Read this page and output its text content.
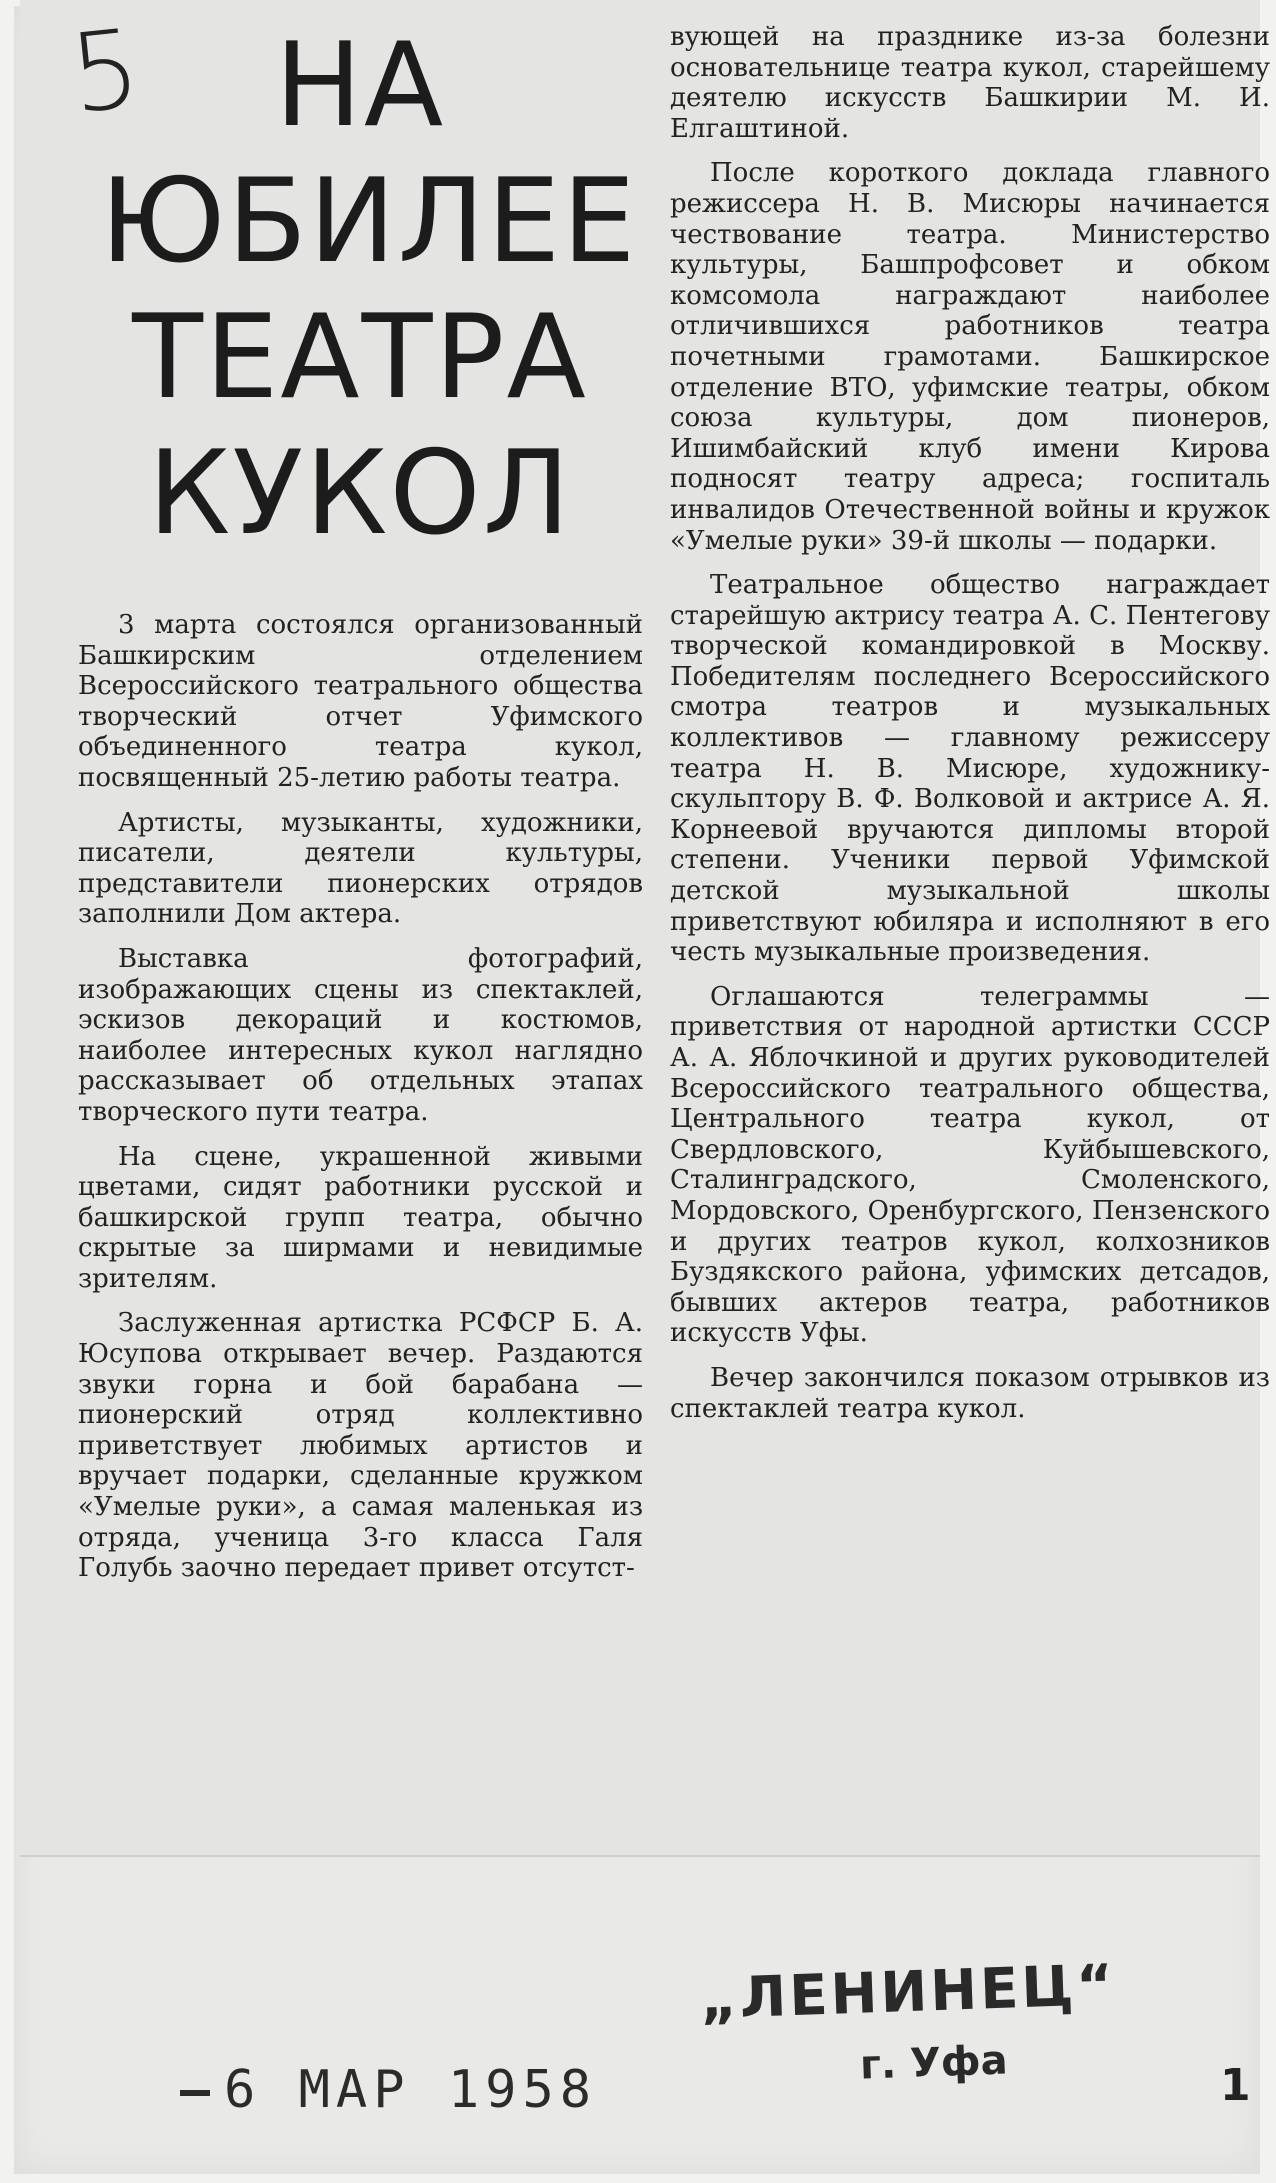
5	НА
ЮБИЛЕЕ
ТЕАТРА
КУКОЛ

3 марта состоялся организованный Башкирским отделением Всероссийского театрального общества творческий отчет Уфимского объединенного театра кукол, посвященный 25-летию работы театра.

Артисты, музыканты, художники, писатели, деятели культуры, представители пионерских отрядов заполнили Дом актера.

Выставка фотографий, изображающих сцены из спектаклей, эскизов декораций и костюмов, наиболее интересных кукол наглядно рассказывает об отдельных этапах творческого пути театра.

На сцене, украшенной живыми цветами, сидят работники русской и башкирской групп театра, обычно скрытые за ширмами и невидимые зрителям.

Заслуженная артистка РСФСР Б. А. Юсупова открывает вечер. Раздаются звуки горна и бой барабана — пионерский отряд коллективно приветствует любимых артистов и вручает подарки, сделанные кружком «Умелые руки», а самая маленькая из отряда, ученица 3-го класса Галя Голубь заочно передает привет отсутст-

вующей на празднике из-за болезни основательнице театра кукол, старейшему деятелю искусств Башкирии М. И. Елгаштиной.

После короткого доклада главного режиссера Н. В. Мисюры начинается чествование театра. Министерство культуры, Башпрофсовет и обком комсомола награждают наиболее отличившихся работников театра почетными грамотами. Башкирское отделение ВТО, уфимские театры, обком союза культуры, дом пионеров, Ишимбайский клуб имени Кирова подносят театру адреса; госпиталь инвалидов Отечественной войны и кружок «Умелые руки» 39-й школы — подарки.

Театральное общество награждает старейшую актрису театра А. С. Пентегову творческой командировкой в Москву. Победителям последнего Всероссийского смотра театров и музыкальных коллективов — главному режиссеру театра Н. В. Мисюре, художнику-скульптору В. Ф. Волковой и актрисе А. Я. Корнеевой вручаются дипломы второй степени. Ученики первой Уфимской детской музыкальной школы приветствуют юбиляра и исполняют в его честь музыкальные произведения.

Оглашаются телеграммы — приветствия от народной артистки СССР А. А. Яблочкиной и других руководителей Всероссийского театрального общества, Центрального театра кукол, от Свердловского, Куйбышевского, Сталинградского, Смоленского, Мордовского, Оренбургского, Пензенского и других театров кукол, колхозников Буздякского района, уфимских детсадов, бывших актеров театра, работников искусств Уфы.

Вечер закончился показом отрывков из спектаклей театра кукол.

„ЛЕНИНЕЦ“
г. Уфа
6 МАР 1958	1
